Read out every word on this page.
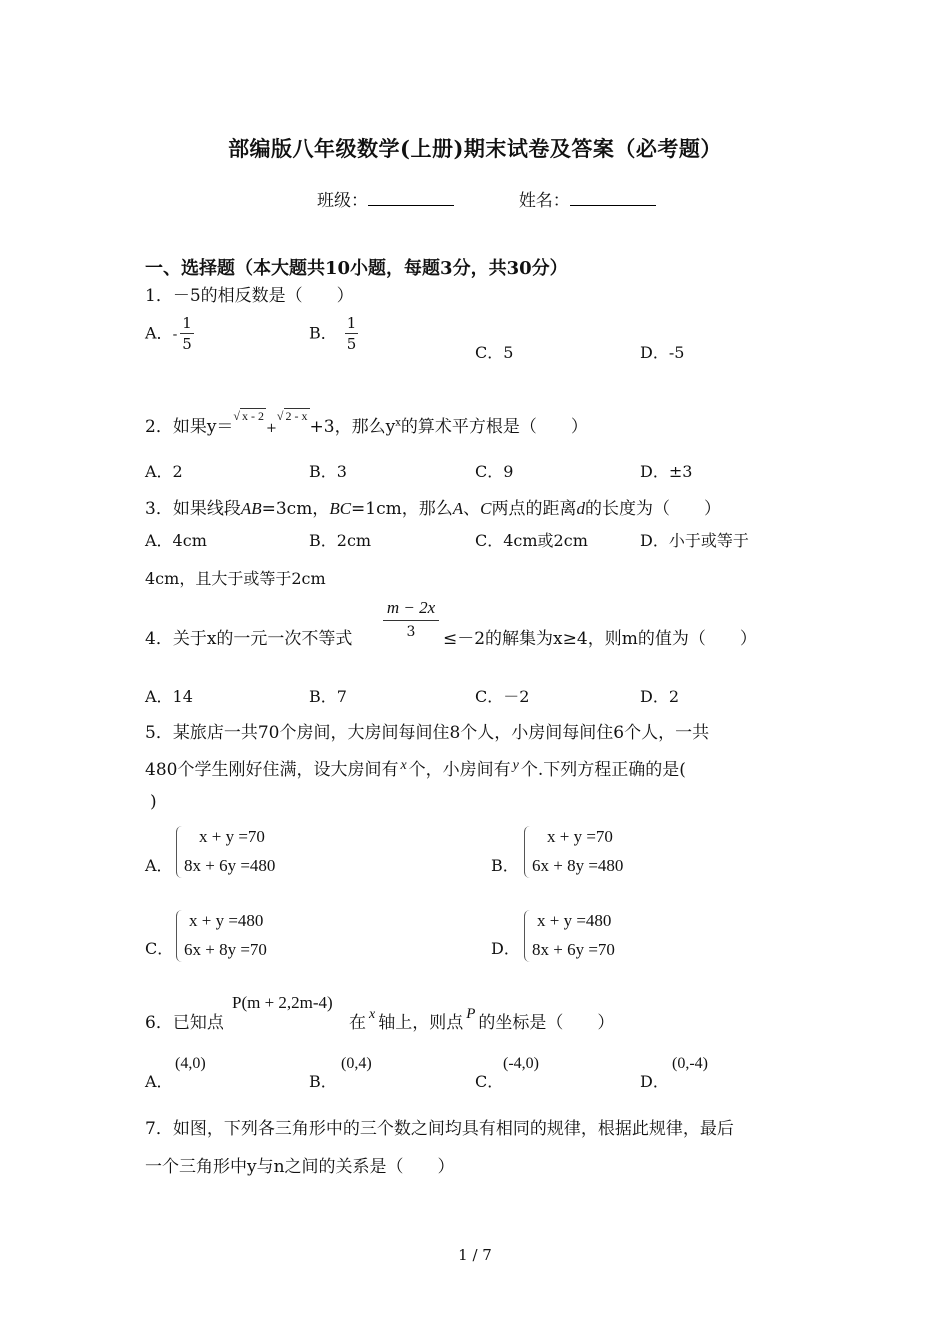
部编版八年级数学(上册)期末试卷及答案（必考题）
班级：	姓名：
一、选择题（本大题共10小题，每题3分，共30分）
1．－5的相反数是（　　）
A．- $\frac{1}{5}$	B． $\frac{1}{5}$
C．5	D．-5
2．如果y＝$^{√ x - 2}$+$^{√ 2 - x}$+3，那么$y^x$的算术平方根是（　　）
A．2	B．3	C．9	D．±3
3．如果线段AB=3cm，BC=1cm，那么A、C两点的距离d的长度为（　　）
A．4cm	B．2cm	C．4cm或2cm	D．小于或等于
4cm，且大于或等于2cm
4．关于x的一元一次不等式
m − 2x
3	≤－2的解集为x≥4，则m的值为（　　）
A．14	B．7	C．－2	D．2
5．某旅店一共70个房间，大房间每间住8个人，小房间每间住6个人，一共
480个学生刚好住满，设大房间有 $^x$ 个，小房间有 $^y$ 个.下列方程正确的是(
)
A．
x + y =70
8x + 6y =480	B．
x + y =70
6x + 8y =480
C．
x + y =480
6x + 8y =70	D．
x + y =480
8x + 6y =70
6．已知点
P(m + 2,2m-4)
在 $^x$ 轴上，则点 P 的坐标是（　　）
A．
(4,0)
B．
(0,4)
C．
(-4,0)
D．
(0,-4)
7．如图，下列各三角形中的三个数之间均具有相同的规律，根据此规律，最后
一个三角形中y与n之间的关系是（　　）
1 / 7
